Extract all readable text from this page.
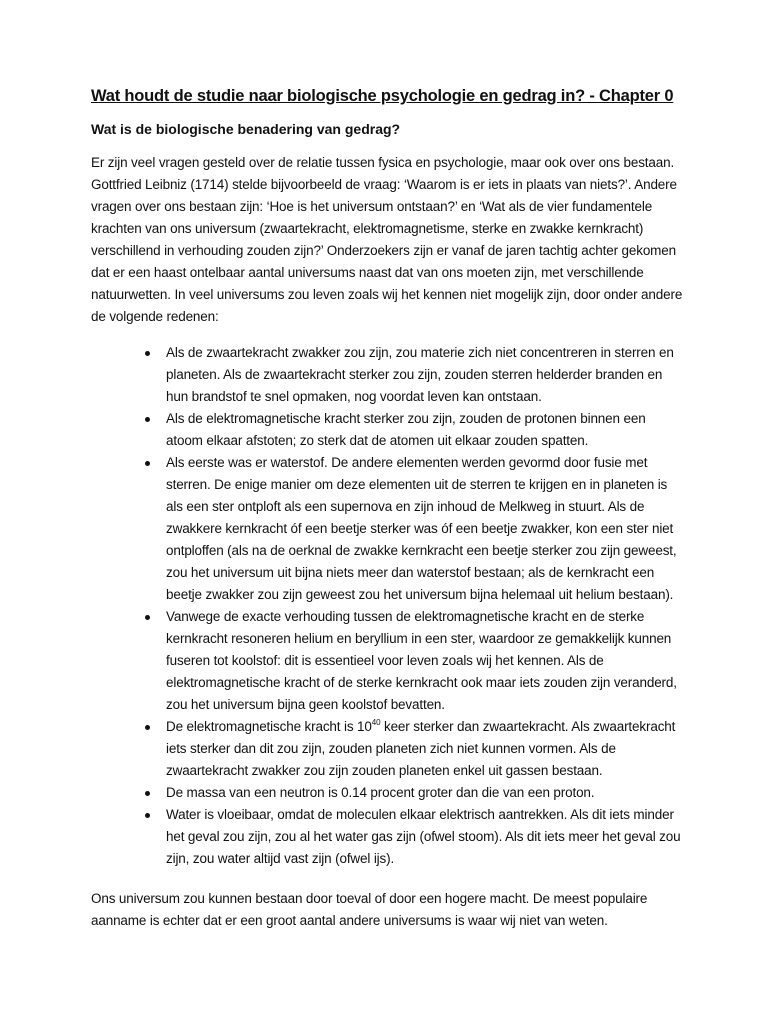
Wat houdt de studie naar biologische psychologie en gedrag in? - Chapter 0
Wat is de biologische benadering van gedrag?

Er zijn veel vragen gesteld over de relatie tussen fysica en psychologie, maar ook over ons bestaan. Gottfried Leibniz (1714) stelde bijvoorbeeld de vraag: ‘Waarom is er iets in plaats van niets?’. Andere vragen over ons bestaan zijn: ‘Hoe is het universum ontstaan?’ en ‘Wat als de vier fundamentele krachten van ons universum (zwaartekracht, elektromagnetisme, sterke en zwakke kernkracht) verschillend in verhouding zouden zijn?’ Onderzoekers zijn er vanaf de jaren tachtig achter gekomen dat er een haast ontelbaar aantal universums naast dat van ons moeten zijn, met verschillende natuurwetten. In veel universums zou leven zoals wij het kennen niet mogelijk zijn, door onder andere de volgende redenen:

Als de zwaartekracht zwakker zou zijn, zou materie zich niet concentreren in sterren en planeten. Als de zwaartekracht sterker zou zijn, zouden sterren helderder branden en hun brandstof te snel opmaken, nog voordat leven kan ontstaan.
Als de elektromagnetische kracht sterker zou zijn, zouden de protonen binnen een atoom elkaar afstoten; zo sterk dat de atomen uit elkaar zouden spatten.
Als eerste was er waterstof. De andere elementen werden gevormd door fusie met sterren. De enige manier om deze elementen uit de sterren te krijgen en in planeten is als een ster ontploft als een supernova en zijn inhoud de Melkweg in stuurt. Als de zwakkere kernkracht óf een beetje sterker was óf een beetje zwakker, kon een ster niet ontploffen (als na de oerknal de zwakke kernkracht een beetje sterker zou zijn geweest, zou het universum uit bijna niets meer dan waterstof bestaan; als de kernkracht een beetje zwakker zou zijn geweest zou het universum bijna helemaal uit helium bestaan).
Vanwege de exacte verhouding tussen de elektromagnetische kracht en de sterke kernkracht resoneren helium en beryllium in een ster, waardoor ze gemakkelijk kunnen fuseren tot koolstof: dit is essentieel voor leven zoals wij het kennen. Als de elektromagnetische kracht of de sterke kernkracht ook maar iets zouden zijn veranderd, zou het universum bijna geen koolstof bevatten.
De elektromagnetische kracht is $10^{40}$ keer sterker dan zwaartekracht. Als zwaartekracht iets sterker dan dit zou zijn, zouden planeten zich niet kunnen vormen. Als de zwaartekracht zwakker zou zijn zouden planeten enkel uit gassen bestaan.
De massa van een neutron is 0.14 procent groter dan die van een proton.
Water is vloeibaar, omdat de moleculen elkaar elektrisch aantrekken. Als dit iets minder het geval zou zijn, zou al het water gas zijn (ofwel stoom). Als dit iets meer het geval zou zijn, zou water altijd vast zijn (ofwel ijs).

Ons universum zou kunnen bestaan door toeval of door een hogere macht. De meest populaire aanname is echter dat er een groot aantal andere universums is waar wij niet van weten.
